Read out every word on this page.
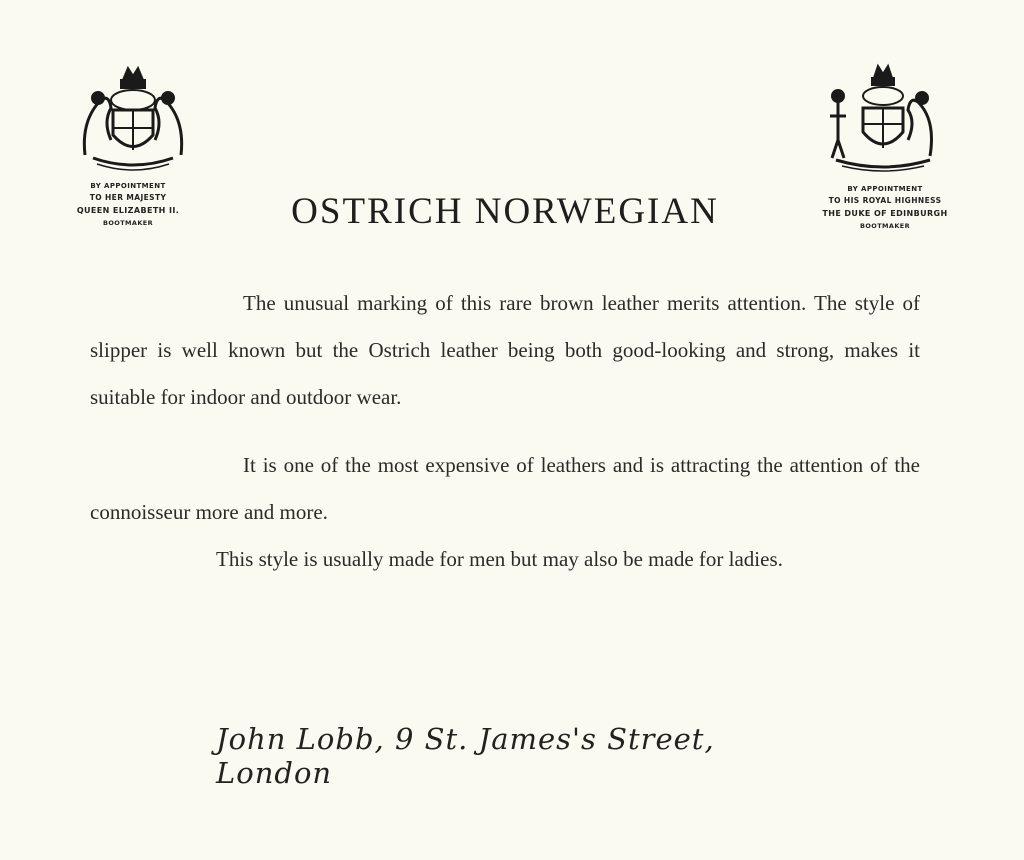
BY APPOINTMENT
TO HER MAJESTY
QUEEN ELIZABETH II.
BOOTMAKER
BY APPOINTMENT
TO HIS ROYAL HIGHNESS
THE DUKE OF EDINBURGH
BOOTMAKER
OSTRICH NORWEGIAN

The unusual marking of this rare brown leather merits attention. The style of slipper is well known but the Ostrich leather being both good-looking and strong, makes it suitable for indoor and outdoor wear.

It is one of the most expensive of leathers and is attracting the attention of the connoisseur more and more.

This style is usually made for men but may also be made for ladies.

John Lobb, 9 St. James's Street, London
